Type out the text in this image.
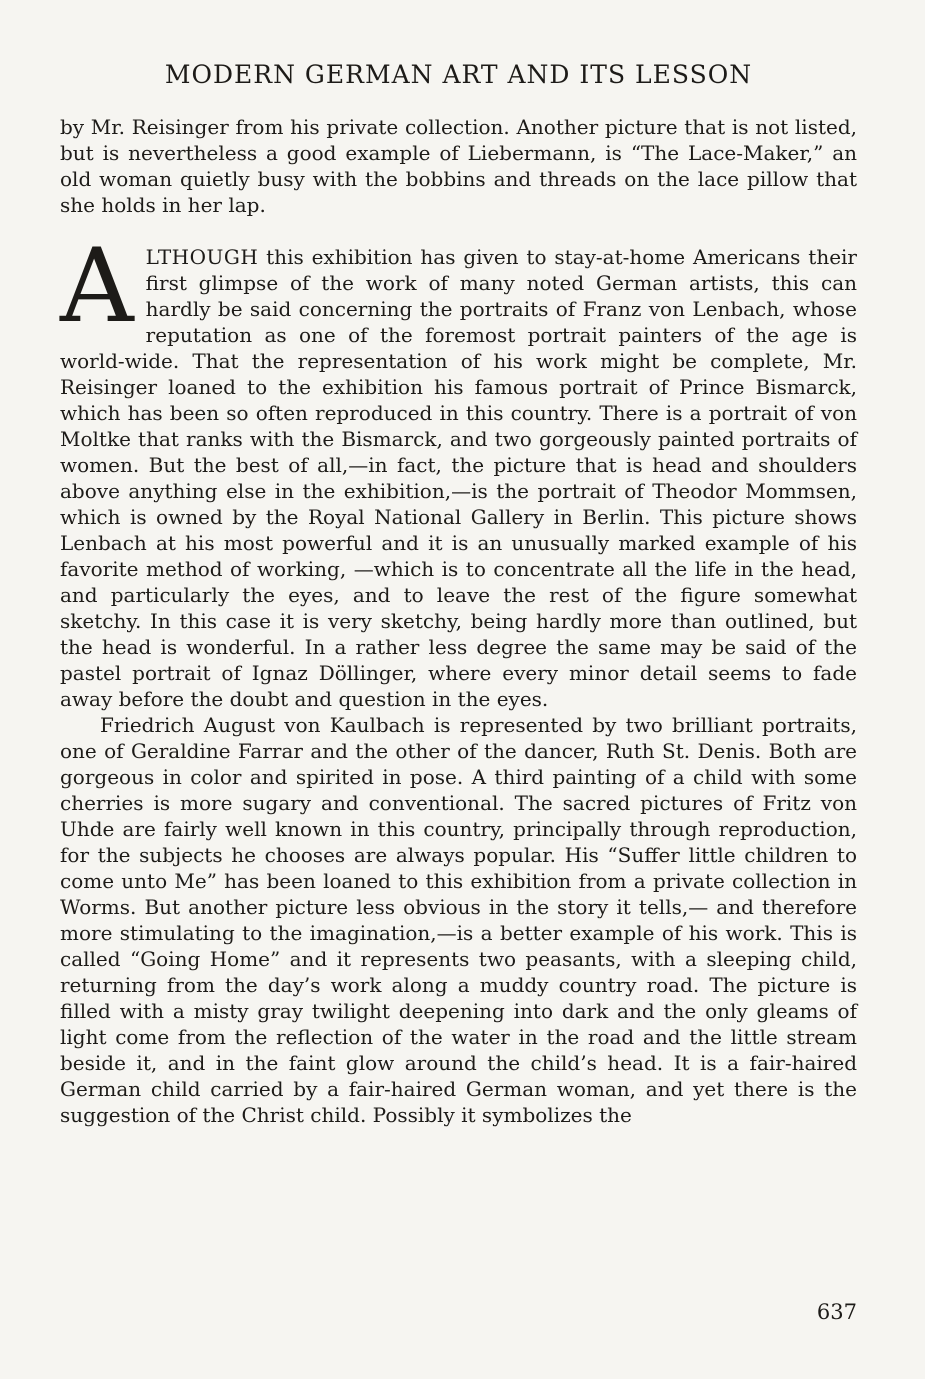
MODERN GERMAN ART AND ITS LESSON

by Mr. Reisinger from his private collection. Another picture that is not listed, but is nevertheless a good example of Liebermann, is “The Lace-Maker,” an old woman quietly busy with the bobbins and threads on the lace pillow that she holds in her lap.

ALTHOUGH this exhibition has given to stay-at-home Americans their first glimpse of the work of many noted German artists, this can hardly be said concerning the portraits of Franz von Lenbach, whose reputation as one of the foremost portrait painters of the age is world-wide. That the representation of his work might be complete, Mr. Reisinger loaned to the exhibition his famous portrait of Prince Bismarck, which has been so often reproduced in this country. There is a portrait of von Moltke that ranks with the Bismarck, and two gorgeously painted portraits of women. But the best of all,—in fact, the picture that is head and shoulders above anything else in the exhibition,—is the portrait of Theodor Mommsen, which is owned by the Royal National Gallery in Berlin. This picture shows Lenbach at his most powerful and it is an unusually marked example of his favorite method of working, —which is to concentrate all the life in the head, and particularly the eyes, and to leave the rest of the figure somewhat sketchy. In this case it is very sketchy, being hardly more than outlined, but the head is wonderful. In a rather less degree the same may be said of the pastel portrait of Ignaz Döllinger, where every minor detail seems to fade away before the doubt and question in the eyes.

Friedrich August von Kaulbach is represented by two brilliant portraits, one of Geraldine Farrar and the other of the dancer, Ruth St. Denis. Both are gorgeous in color and spirited in pose. A third painting of a child with some cherries is more sugary and conventional. The sacred pictures of Fritz von Uhde are fairly well known in this country, principally through reproduction, for the subjects he chooses are always popular. His “Suffer little children to come unto Me” has been loaned to this exhibition from a private collection in Worms. But another picture less obvious in the story it tells,— and therefore more stimulating to the imagination,—is a better example of his work. This is called “Going Home” and it represents two peasants, with a sleeping child, returning from the day’s work along a muddy country road. The picture is filled with a misty gray twilight deepening into dark and the only gleams of light come from the reflection of the water in the road and the little stream beside it, and in the faint glow around the child’s head. It is a fair-haired German child carried by a fair-haired German woman, and yet there is the suggestion of the Christ child. Possibly it symbolizes the

637
